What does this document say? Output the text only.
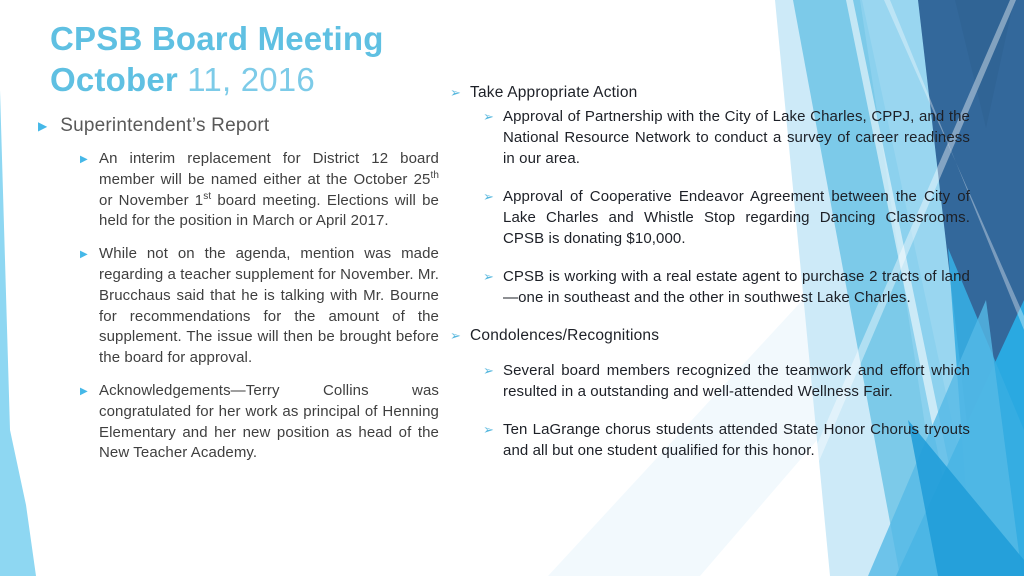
CPSB Board Meeting
October 11, 2016
▶ Superintendent’s Report
▶ An interim replacement for District 12 board member will be named either at the October 25th or November 1st board meeting. Elections will be held for the position in March or April 2017.

▶ While not on the agenda, mention was made regarding a teacher supplement for November. Mr. Brucchaus said that he is talking with Mr. Bourne for recommendations for the amount of the supplement. The issue will then be brought before the board for approval.

▶ Acknowledgements—Terry Collins was congratulated for her work as principal of Henning Elementary and her new position as head of the New Teacher Academy.

➢ Take Appropriate Action

➢ Approval of Partnership with the City of Lake Charles, CPPJ, and the National Resource Network to conduct a survey of career readiness in our area.

➢ Approval of Cooperative Endeavor Agreement between the City of Lake Charles and Whistle Stop regarding Dancing Classrooms. CPSB is donating $10,000.

➢ CPSB is working with a real estate agent to purchase 2 tracts of land—one in southeast and the other in southwest Lake Charles.

➢ Condolences/Recognitions

➢ Several board members recognized the teamwork and effort which resulted in a outstanding and well-attended Wellness Fair.

➢ Ten LaGrange chorus students attended State Honor Chorus tryouts and all but one student qualified for this honor.
